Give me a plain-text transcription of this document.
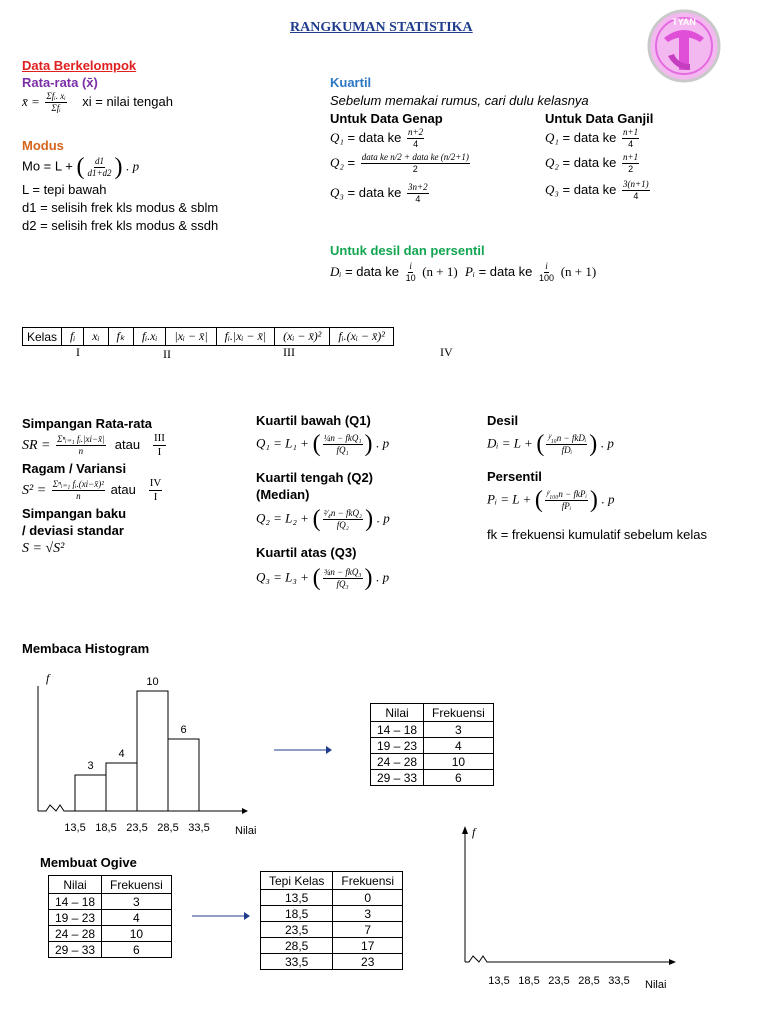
RANGKUMAN STATISTIKA	TYAN
Data Berkelompok
Rata-rata (x̄)
x̄ = $\frac{\text{Σfᵢ. xᵢ}}{\text{Σfᵢ}}$ xi = nilai tengah
Modus
Mo = L + ( $\frac{d1}{d1+d2}$ ) . p
L = tepi bawah
d1 = selisih frek kls modus & sblm
d2 = selisih frek kls modus & ssdh
Kuartil
Sebelum memakai rumus, cari dulu kelasnya
Untuk Data Genap	Untuk Data Ganjil
Q₁ = data ke $\frac{n+2}{4}$
$Q_2 = \frac{\text{data ke n/2 + data ke (n/2+1)}}{2}$
Q₃ = data ke $\frac{3n+2}{4}$
Q₁ = data ke $\frac{n+1}{4}$
Q₂ = data ke $\frac{n+1}{2}$
Q₃ = data ke $\frac{3(n+1)}{4}$
Untuk desil dan persentil
Dᵢ = data ke $\frac{i}{10} (n + 1)$ Pᵢ = data ke $\frac{i}{100} (n + 1)$
Kelas	fᵢ	xᵢ	fₖ	fᵢ.xᵢ	|xᵢ − x̄|	fᵢ.|xᵢ − x̄|	(xᵢ − x̄)²	fᵢ.(xᵢ − x̄)²
I	II	III	IV
Simpangan Rata-rata
SR = $\frac{\text{Σⁿᵢ₌₁ fᵢ.|xi−x̄|}}{n}$ atau $\frac{\text{III}}{I}$
Ragam / Variansi
$S^2 = \frac{\text{Σⁿᵢ₌₁ fᵢ.(xi−x̄)²}}{n}$ atau $\frac{IV}{I}$
Simpangan baku
/ deviasi standar
S = √S²
Kuartil bawah (Q1)
Q₁ = L₁ + ( $\frac{\text{¼n − fkQ₁}}{\text{fQ₁}}$ ) . p
Kuartil tengah (Q2)
(Median)
Q₂ = L₂ + ( $\frac{\text{²⁄₄n − fkQ₂}}{\text{fQ₂}}$ ) . p
Kuartil atas (Q3)
Q₃ = L₃ + ( $\frac{\text{¾n − fkQ₃}}{\text{fQ₃}}$ ) . p
Desil
Dᵢ = L + ( $\frac{\text{ⁱ⁄₁₀n − fkDᵢ}}{\text{fDᵢ}}$ ) . p
Persentil
Pᵢ = L + ( $\frac{\text{ⁱ⁄₁₀₀n − fkPᵢ}}{\text{fPᵢ}}$ ) . p
fk = frekuensi kumulatif sebelum kelas
Membaca Histogram
f
3
4
10
6
13,5 18,5 23,5 28,5 33,5 Nilai
Nilai	Frekuensi
14 – 18	3
19 – 23	4
24 – 28	10
29 – 33	6
Membuat Ogive
Nilai	Frekuensi
14 – 18	3
19 – 23	4
24 – 28	10
29 – 33	6
Tepi Kelas	Frekuensi
13,5	0
18,5	3
23,5	7
28,5	17
33,5	23
f
13,5 18,5 23,5 28,5 33,5 Nilai
